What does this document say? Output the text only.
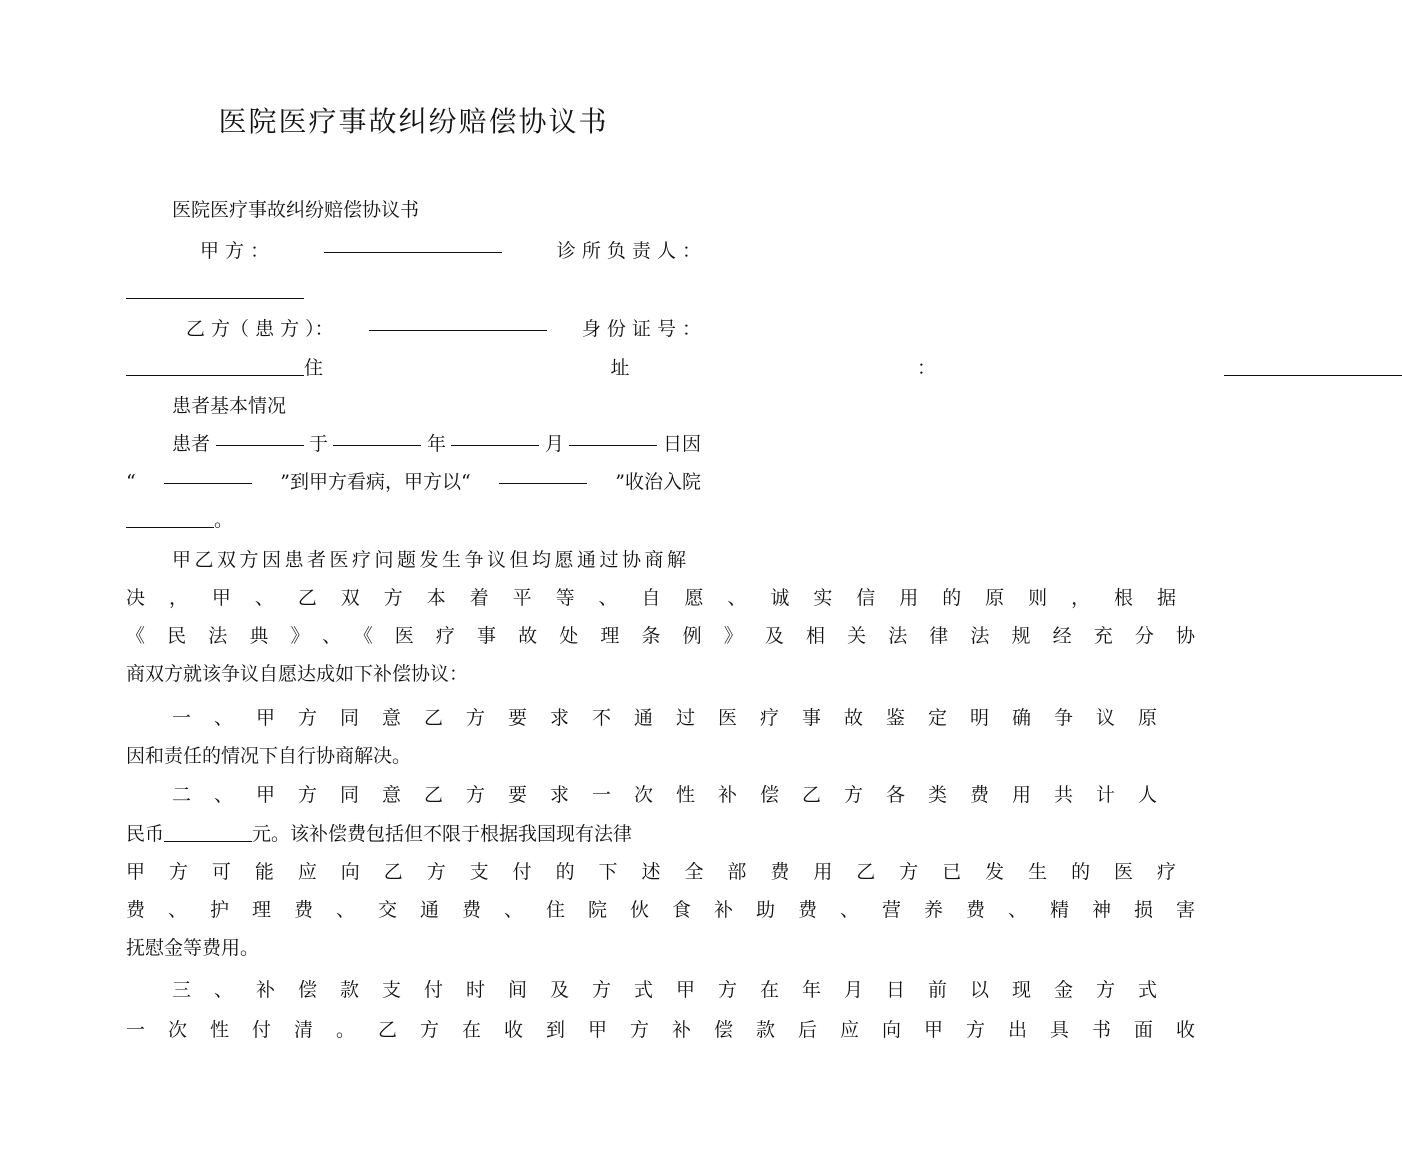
医院医疗事故纠纷赔偿协议书
医院医疗事故纠纷赔偿协议书
甲 方 ：	诊 所 负 责 人 ：
乙 方（ 患 方 ）：	身 份 证 号 ：
住址：
患者基本情况
患者	于	年	月	日因
“	”到甲方看病，甲方以“	”收治入院
。
甲乙双方因患者医疗问题发生争议但均愿通过协商解
决，甲、乙双方本着平等、自愿、诚实信用的原则，根据
《民法典》、《医疗事故处理条例》及相关法律法规经充分协
商双方就该争议自愿达成如下补偿协议：
一、甲方同意乙方要求不通过医疗事故鉴定明确争议原
因和责任的情况下自行协商解决。
二、甲方同意乙方要求一次性补偿乙方各类费用共计人
民币	元。该补偿费包括但不限于根据我国现有法律
甲方可能应向乙方支付的下述全部费用乙方已发生的医疗
费、护理费、交通费、住院伙食补助费、营养费、精神损害
抚慰金等费用。
三、补偿款支付时间及方式甲方在年月日前以现金方式
一次性付清。乙方在收到甲方补偿款后应向甲方出具书面收
